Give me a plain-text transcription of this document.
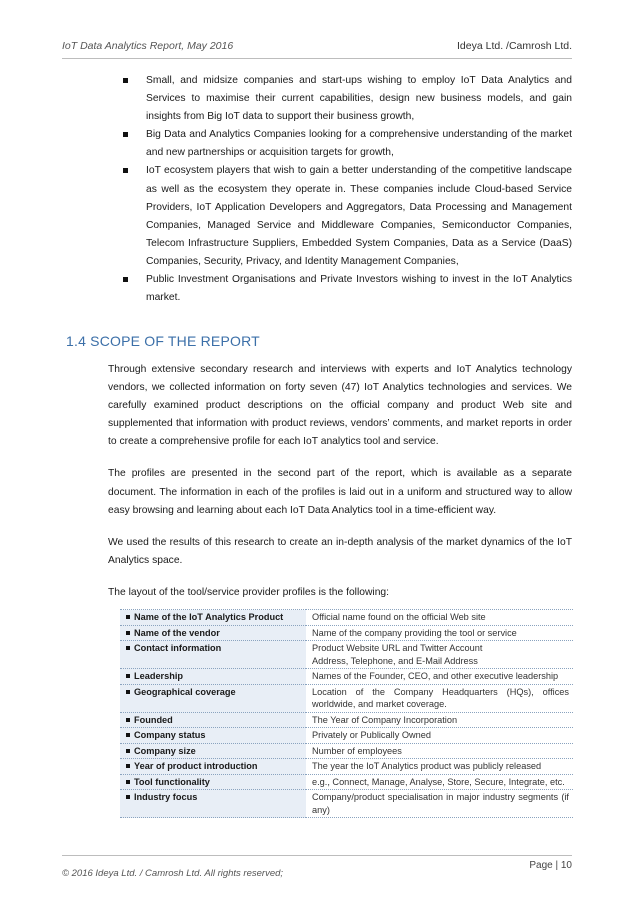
IoT Data Analytics Report, May 2016	Ideya Ltd. /Camrosh Ltd.
Small, and midsize companies and start-ups wishing to employ IoT Data Analytics and Services to maximise their current capabilities, design new business models, and gain insights from Big IoT data to support their business growth,
Big Data and Analytics Companies looking for a comprehensive understanding of the market and new partnerships or acquisition targets for growth,
IoT ecosystem players that wish to gain a better understanding of the competitive landscape as well as the ecosystem they operate in. These companies include Cloud-based Service Providers, IoT Application Developers and Aggregators, Data Processing and Management Companies, Managed Service and Middleware Companies, Semiconductor Companies, Telecom Infrastructure Suppliers, Embedded System Companies, Data as a Service (DaaS) Companies, Security, Privacy, and Identity Management Companies,
Public Investment Organisations and Private Investors wishing to invest in the IoT Analytics market.
1.4 SCOPE OF THE REPORT

Through extensive secondary research and interviews with experts and IoT Analytics technology vendors, we collected information on forty seven (47) IoT Analytics technologies and services. We carefully examined product descriptions on the official company and product Web site and supplemented that information with product reviews, vendors’ comments, and market reports in order to create a comprehensive profile for each IoT analytics tool and service.

The profiles are presented in the second part of the report, which is available as a separate document. The information in each of the profiles is laid out in a uniform and structured way to allow easy browsing and learning about each IoT Data Analytics tool in a time-efficient way.

We used the results of this research to create an in-depth analysis of the market dynamics of the IoT Analytics space.

The layout of the tool/service provider profiles is the following:

Name of the IoT Analytics Product	Official name found on the official Web site
Name of the vendor	Name of the company providing the tool or service
Contact information	Product Website URL and Twitter Account
Address, Telephone, and E-Mail Address

Leadership	Names of the Founder, CEO, and other executive leadership
Geographical coverage	Location of the Company Headquarters (HQs), offices worldwide, and market coverage.
Founded	The Year of Company Incorporation
Company status	Privately or Publically Owned
Company size	Number of employees
Year of product introduction	The year the IoT Analytics product was publicly released
Tool functionality	e.g., Connect, Manage, Analyse, Store, Secure, Integrate, etc.
Industry focus	Company/product specialisation in major industry segments (if any)
© 2016 Ideya Ltd. / Camrosh Ltd. All rights reserved;
Page | 10
